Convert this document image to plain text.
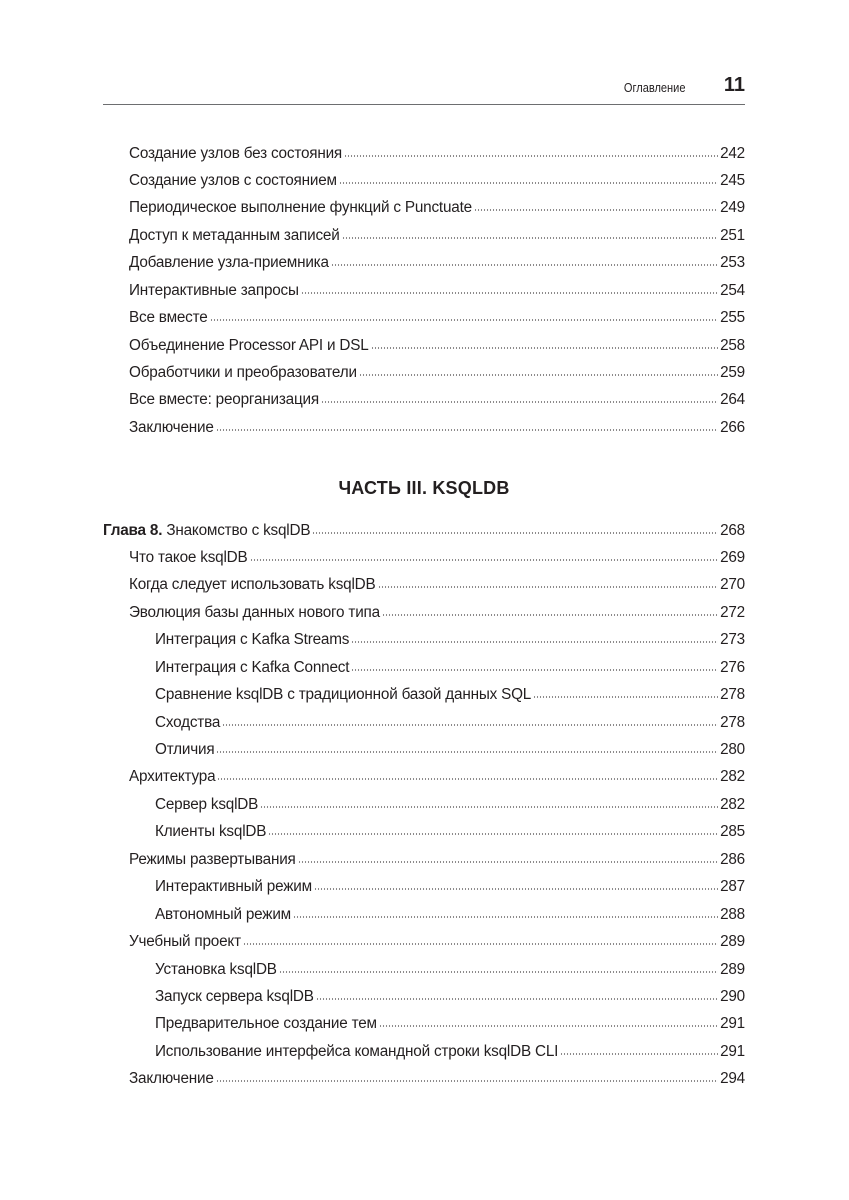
Оглавление 11
Создание узлов без состояния	242
Создание узлов с состоянием	245
Периодическое выполнение функций с Punctuate	249
Доступ к метаданным записей	251
Добавление узла-приемника	253
Интерактивные запросы	254
Все вместе	255
Объединение Processor API и DSL	258
Обработчики и преобразователи	259
Все вместе: реорганизация	264
Заключение	266
ЧАСТЬ III. KSQLDB
Глава 8. Знакомство с ksqlDB	268
Что такое ksqlDB	269
Когда следует использовать ksqlDB	270
Эволюция базы данных нового типа	272
Интеграция с Kafka Streams	273
Интеграция с Kafka Connect	276
Сравнение ksqlDB с традиционной базой данных SQL	278
Сходства	278
Отличия	280
Архитектура	282
Сервер ksqlDB	282
Клиенты ksqlDB	285
Режимы развертывания	286
Интерактивный режим	287
Автономный режим	288
Учебный проект	289
Установка ksqlDB	289
Запуск сервера ksqlDB	290
Предварительное создание тем	291
Использование интерфейса командной строки ksqlDB CLI	291
Заключение	294
